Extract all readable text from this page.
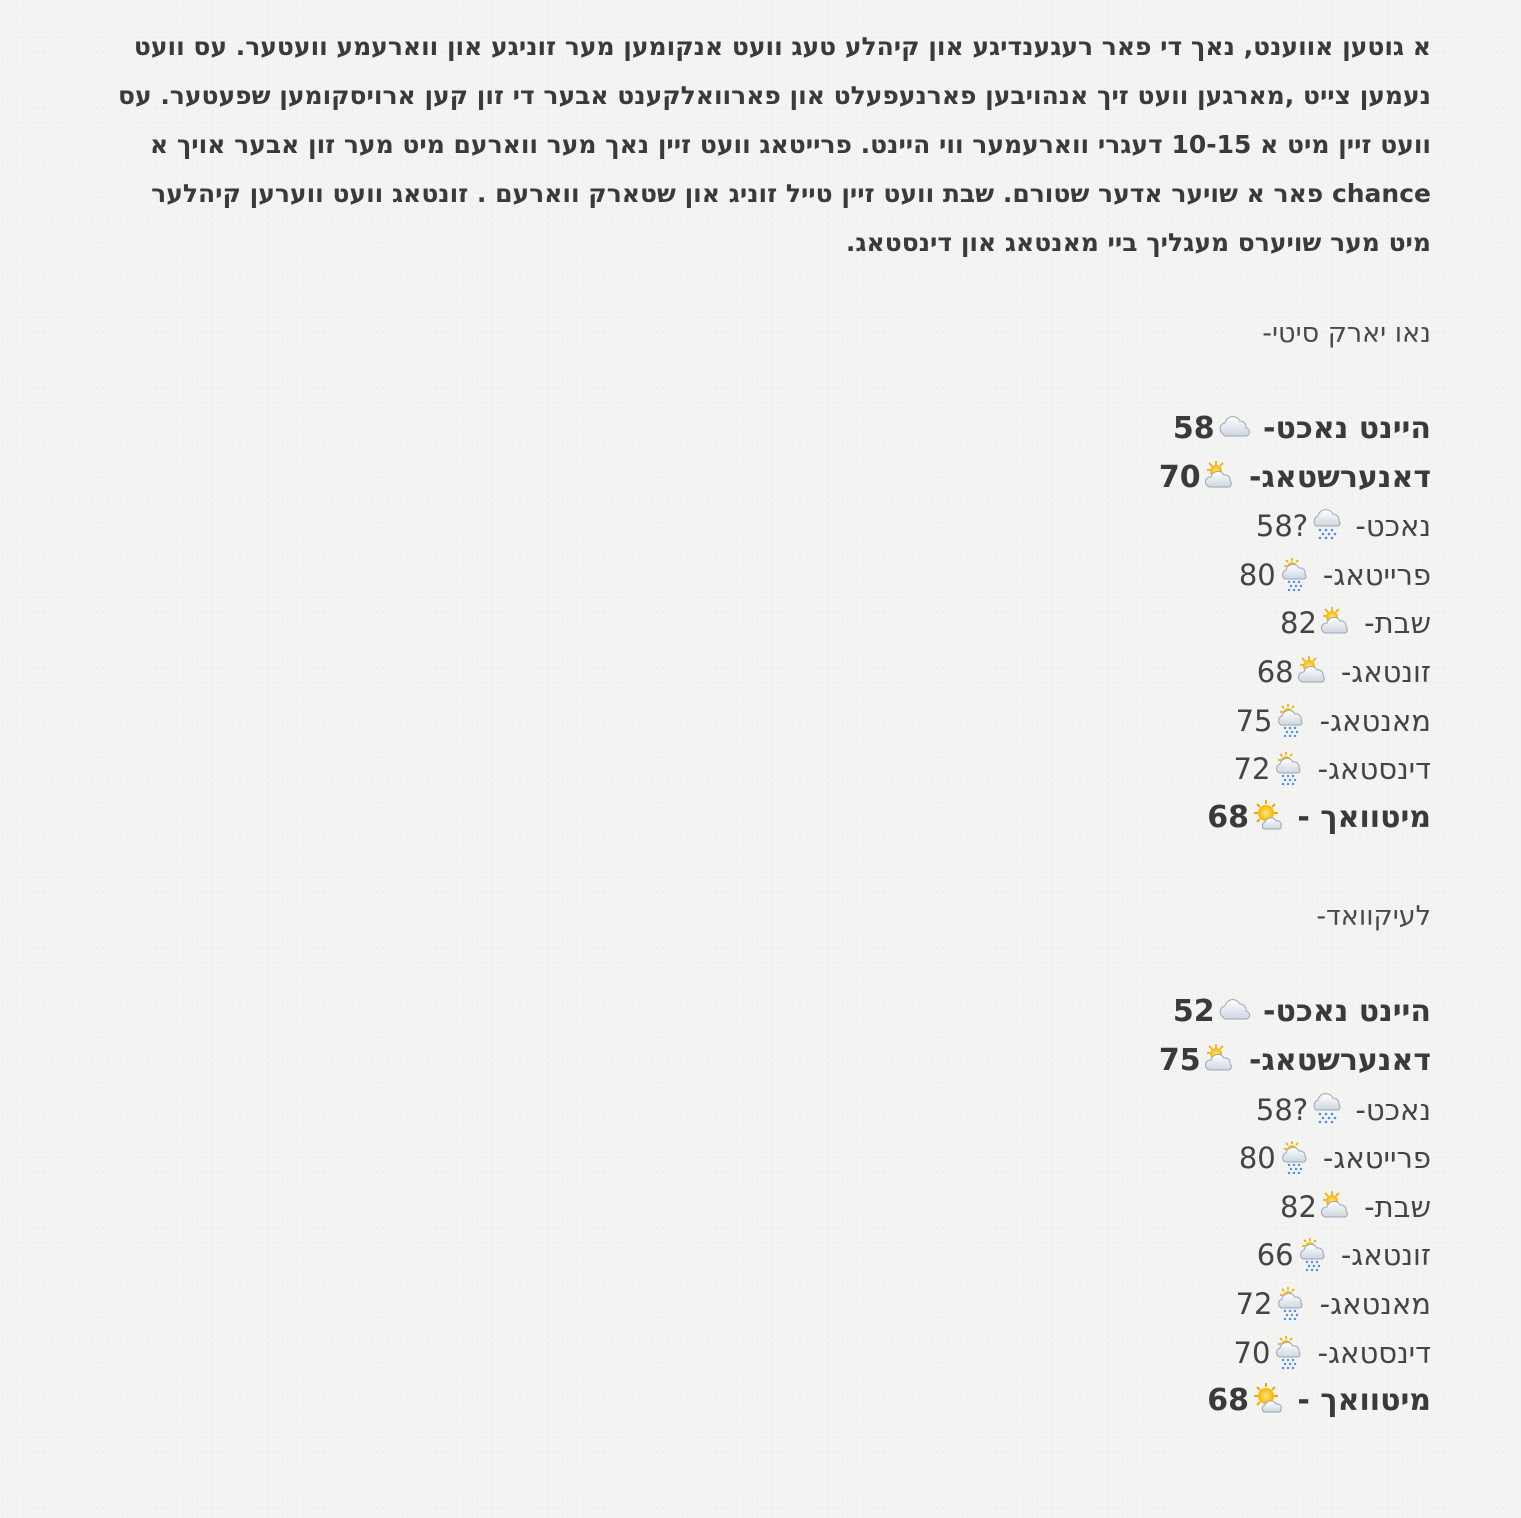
א גוטען אווענט, נאך די פאר רעגענדיגע און קיהלע טעג וועט אנקומען מער זוניגע און ווארעמע וועטער. עס וועט נעמען צייט ,מארגען וועט זיך אנהויבען פארנעפעלט און פארוואלקענט אבער די זון קען ארויסקומען שפעטער. עס וועט זיין מיט א 10-15 דעגרי ווארעמער ווי היינט. פרייטאג וועט זיין נאך מער ווארעם מיט מער זון אבער אויך א chance פאר א שויער אדער שטורם. שבת וועט זיין טייל זוניג און שטארק ווארעם . זונטאג וועט ווערען קיהלער מיט מער שויערס מעגליך ביי מאנטאג און דינסטאג.

נאו יארק סיטי-
היינט נאכט- 58
דאנערשטאג- 70
נאכט- 58?
פרייטאג- 80
שבת- 82
זונטאג- 68
מאנטאג- 75
דינסטאג- 72
מיטוואך - 68
לעיקוואד-
היינט נאכט- 52
דאנערשטאג- 75
נאכט- 58?
פרייטאג- 80
שבת- 82
זונטאג- 66
מאנטאג- 72
דינסטאג- 70
מיטוואך - 68
